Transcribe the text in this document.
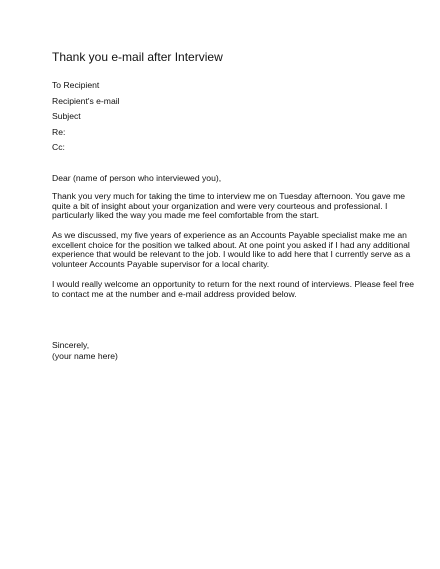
Thank you e-mail after Interview
To Recipient
Recipient's e-mail
Subject
Re:
Cc:
Dear (name of person who interviewed you),
Thank you very much for taking the time to interview me on Tuesday afternoon. You gave me
quite a bit of insight about your organization and were very courteous and professional. I
particularly liked the way you made me feel comfortable from the start.
As we discussed, my five years of experience as an Accounts Payable specialist make me an
excellent choice for the position we talked about. At one point you asked if I had any additional
experience that would be relevant to the job. I would like to add here that I currently serve as a
volunteer Accounts Payable supervisor for a local charity.
I would really welcome an opportunity to return for the next round of interviews. Please feel free
to contact me at the number and e-mail address provided below.
Sincerely,
(your name here)
